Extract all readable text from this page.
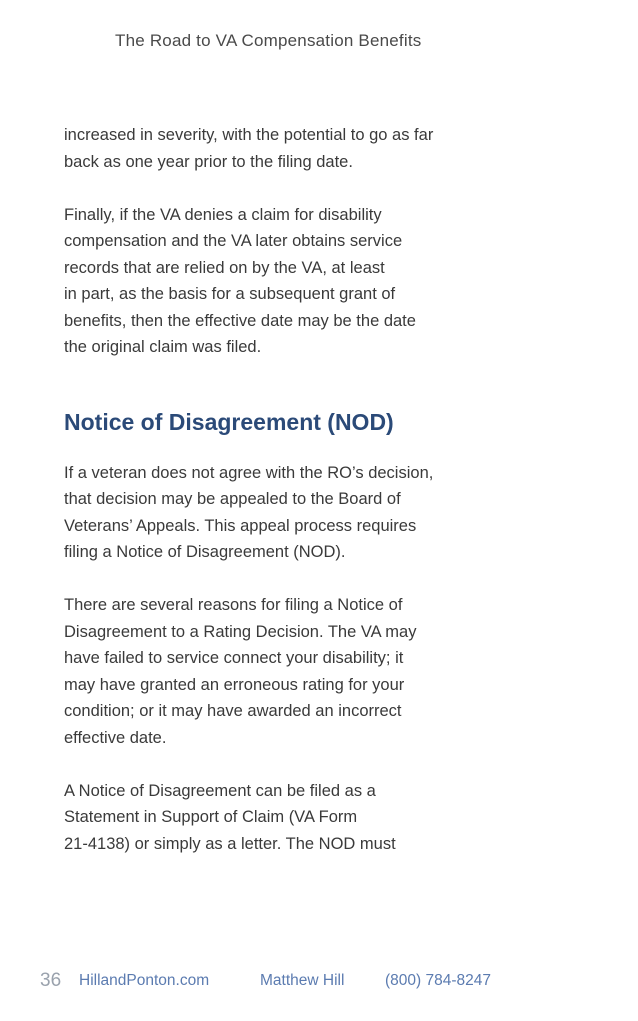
The Road to VA Compensation Benefits

increased in severity, with the potential to go as far
back as one year prior to the filing date.

Finally, if the VA denies a claim for disability
compensation and the VA later obtains service
records that are relied on by the VA, at least
in part, as the basis for a subsequent grant of
benefits, then the effective date may be the date
the original claim was filed.

Notice of Disagreement (NOD)

If a veteran does not agree with the RO’s decision,
that decision may be appealed to the Board of
Veterans’ Appeals. This appeal process requires
filing a Notice of Disagreement (NOD).

There are several reasons for filing a Notice of
Disagreement to a Rating Decision. The VA may
have failed to service connect your disability; it
may have granted an erroneous rating for your
condition; or it may have awarded an incorrect
effective date.

A Notice of Disagreement can be filed as a
Statement in Support of Claim (VA Form
21-4138) or simply as a letter. The NOD must

36 HillandPonton.com	Matthew Hill	(800) 784-8247
